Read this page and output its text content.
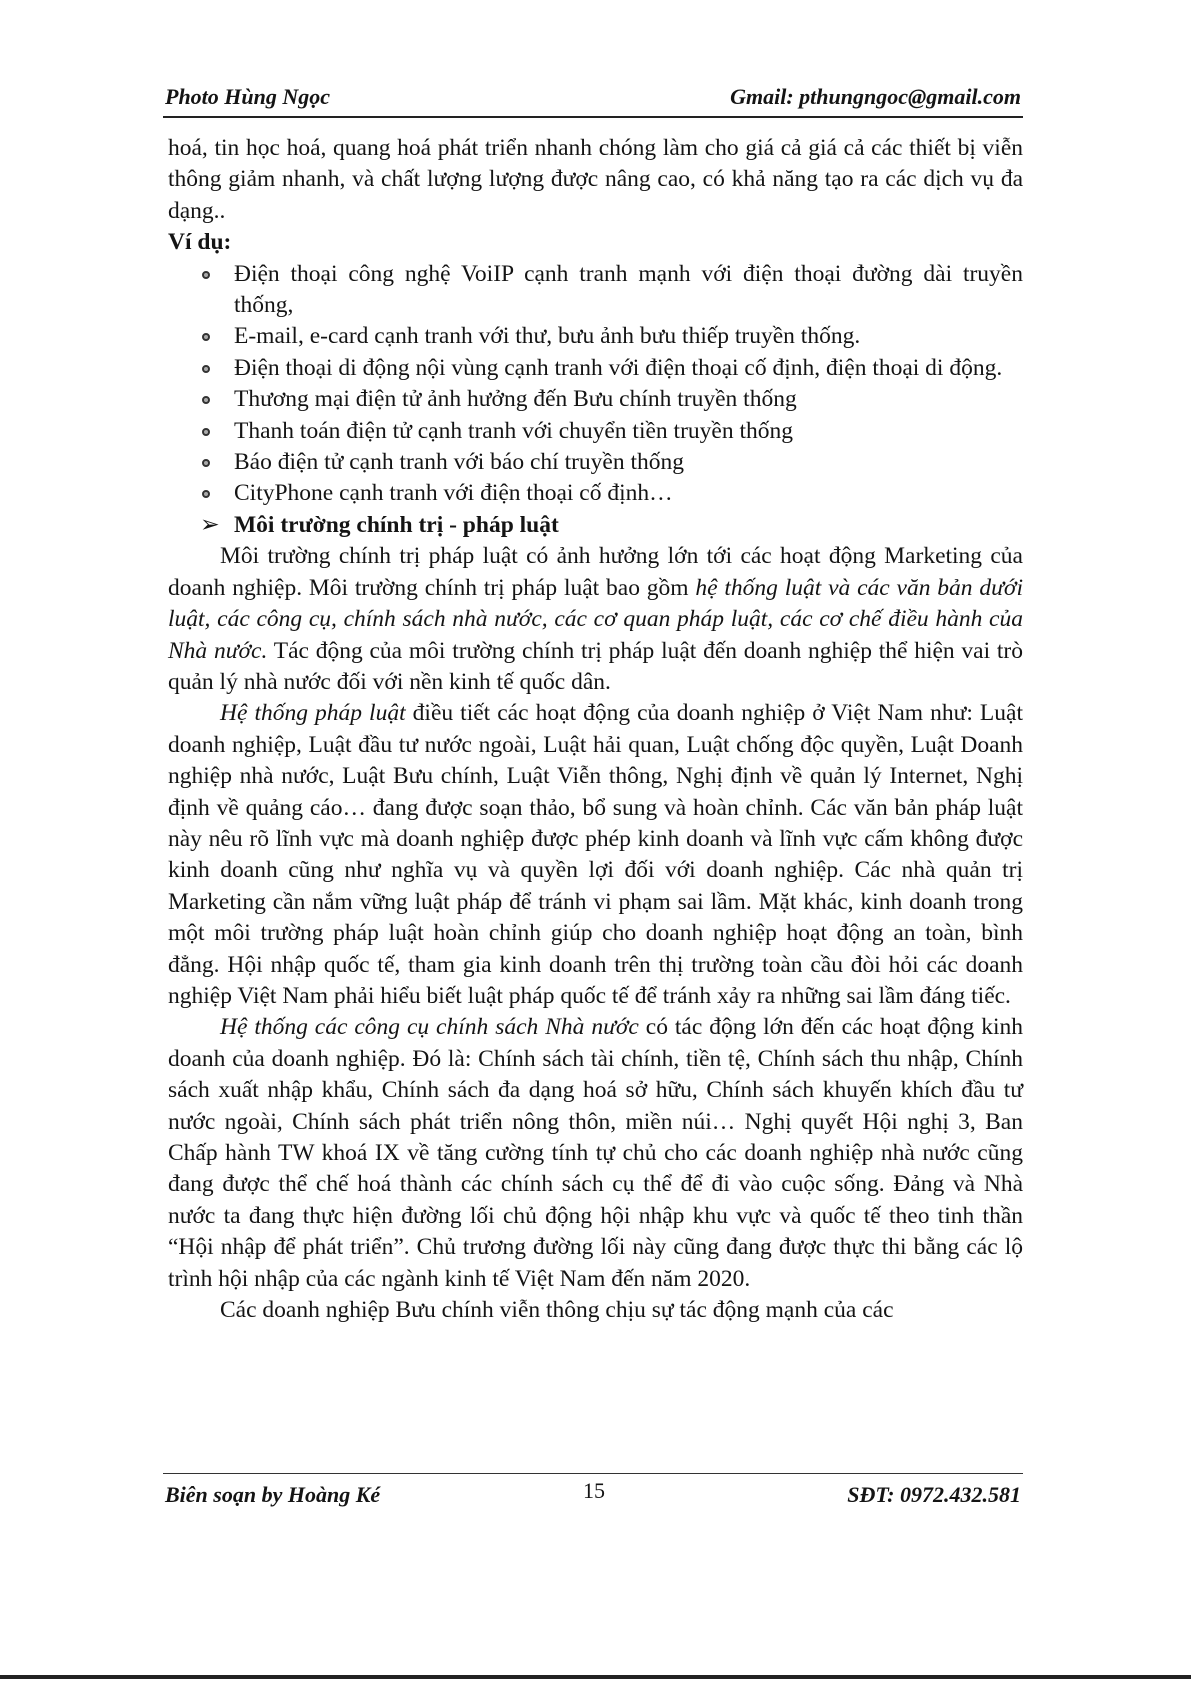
Photo Hùng Ngọc	Gmail: pthungngoc@gmail.com

hoá, tin học hoá, quang hoá phát triển nhanh chóng làm cho giá cả giá cả các thiết bị viễn thông giảm nhanh, và chất lượng lượng được nâng cao, có khả năng tạo ra các dịch vụ đa dạng..

Ví dụ:

Điện thoại công nghệ VoiIP cạnh tranh mạnh với điện thoại đường dài truyền thống,
E-mail, e-card cạnh tranh với thư, bưu ảnh bưu thiếp truyền thống.
Điện thoại di động nội vùng cạnh tranh với điện thoại cố định, điện thoại di động.
Thương mại điện tử ảnh hưởng đến Bưu chính truyền thống
Thanh toán điện tử cạnh tranh với chuyển tiền truyền thống
Báo điện tử cạnh tranh với báo chí truyền thống
CityPhone cạnh tranh với điện thoại cố định…
➢ Môi trường chính trị - pháp luật

Môi trường chính trị pháp luật có ảnh hưởng lớn tới các hoạt động Marketing của doanh nghiệp. Môi trường chính trị pháp luật bao gồm hệ thống luật và các văn bản dưới luật, các công cụ, chính sách nhà nước, các cơ quan pháp luật, các cơ chế điều hành của Nhà nước. Tác động của môi trường chính trị pháp luật đến doanh nghiệp thể hiện vai trò quản lý nhà nước đối với nền kinh tế quốc dân.

Hệ thống pháp luật điều tiết các hoạt động của doanh nghiệp ở Việt Nam như: Luật doanh nghiệp, Luật đầu tư nước ngoài, Luật hải quan, Luật chống độc quyền, Luật Doanh nghiệp nhà nước, Luật Bưu chính, Luật Viễn thông, Nghị định về quản lý Internet, Nghị định về quảng cáo… đang được soạn thảo, bổ sung và hoàn chỉnh. Các văn bản pháp luật này nêu rõ lĩnh vực mà doanh nghiệp được phép kinh doanh và lĩnh vực cấm không được kinh doanh cũng như nghĩa vụ và quyền lợi đối với doanh nghiệp. Các nhà quản trị Marketing cần nắm vững luật pháp để tránh vi phạm sai lầm. Mặt khác, kinh doanh trong một môi trường pháp luật hoàn chỉnh giúp cho doanh nghiệp hoạt động an toàn, bình đẳng. Hội nhập quốc tế, tham gia kinh doanh trên thị trường toàn cầu đòi hỏi các doanh nghiệp Việt Nam phải hiểu biết luật pháp quốc tế để tránh xảy ra những sai lầm đáng tiếc.

Hệ thống các công cụ chính sách Nhà nước có tác động lớn đến các hoạt động kinh doanh của doanh nghiệp. Đó là: Chính sách tài chính, tiền tệ, Chính sách thu nhập, Chính sách xuất nhập khẩu, Chính sách đa dạng hoá sở hữu, Chính sách khuyến khích đầu tư nước ngoài, Chính sách phát triển nông thôn, miền núi… Nghị quyết Hội nghị 3, Ban Chấp hành TW khoá IX về tăng cường tính tự chủ cho các doanh nghiệp nhà nước cũng đang được thể chế hoá thành các chính sách cụ thể để đi vào cuộc sống. Đảng và Nhà nước ta đang thực hiện đường lối chủ động hội nhập khu vực và quốc tế theo tinh thần “Hội nhập để phát triển”. Chủ trương đường lối này cũng đang được thực thi bằng các lộ trình hội nhập của các ngành kinh tế Việt Nam đến năm 2020.

Các doanh nghiệp Bưu chính viễn thông chịu sự tác động mạnh của các

Biên soạn by Hoàng Ké	15	SĐT: 0972.432.581
